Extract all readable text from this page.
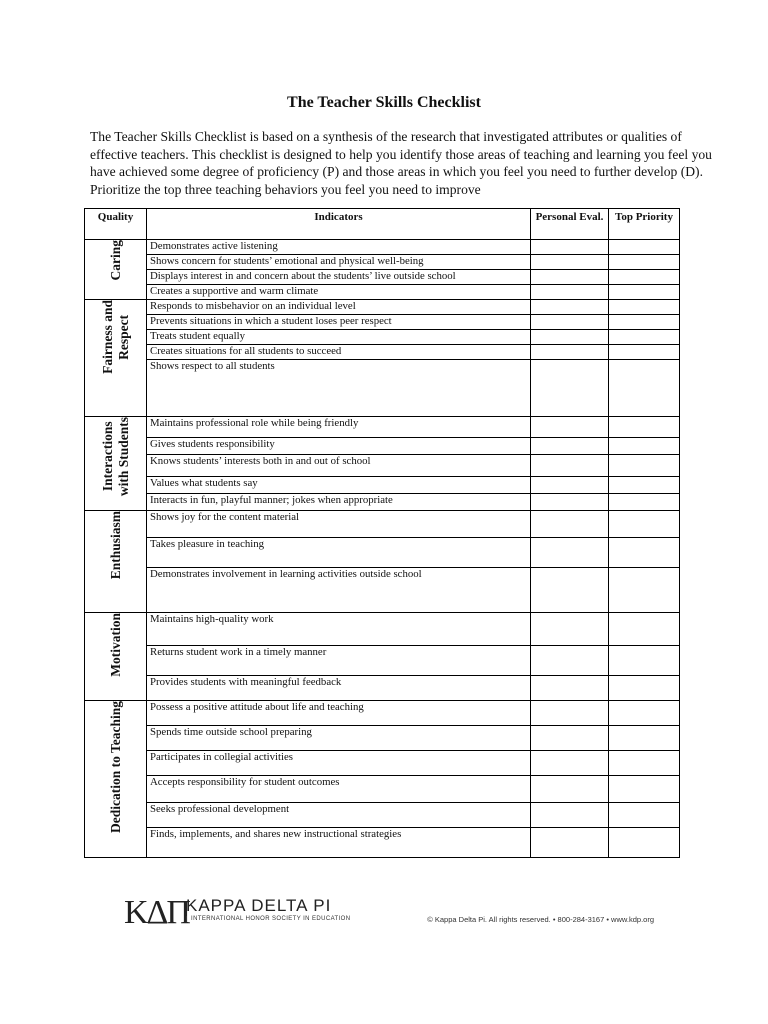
The Teacher Skills Checklist
The Teacher Skills Checklist is based on a synthesis of the research that investigated attributes or qualities of effective teachers. This checklist is designed to help you identify those areas of teaching and learning you feel you have achieved some degree of proficiency (P) and those areas in which you feel you need to further develop (D). Prioritize the top three teaching behaviors you feel you need to improve
Quality	Indicators	Personal Eval.	Top Priority

Caring	Demonstrates active listening		
	Shows concern for students’ emotional and physical well-being		
	Displays interest in and concern about the students’ live outside school		
	Creates a supportive and warm climate		

Fairness and
Respect	Responds to misbehavior on an individual level		
	Prevents situations in which a student loses peer respect		
	Treats student equally		
	Creates situations for all students to succeed		
	Shows respect to all students		

Interactions
with Students	Maintains professional role while being friendly		
	Gives students responsibility		
	Knows students’ interests both in and out of school		
	Values what students say		
	Interacts in fun, playful manner; jokes when appropriate		

Enthusiasm	Shows joy for the content material		
	Takes pleasure in teaching		
	Demonstrates involvement in learning activities outside school		

Motivation	Maintains high-quality work		
	Returns student work in a timely manner		
	Provides students with meaningful feedback		

Dedication to Teaching	Possess a positive attitude about life and teaching		
	Spends time outside school preparing		
	Participates in collegial activities		
	Accepts responsibility for student outcomes		
	Seeks professional development		
	Finds, implements, and shares new instructional strategies		
KΔΠ
KAPPA DELTA PI
INTERNATIONAL HONOR SOCIETY IN EDUCATION	© Kappa Delta Pi. All rights reserved. • 800-284-3167 • www.kdp.org
